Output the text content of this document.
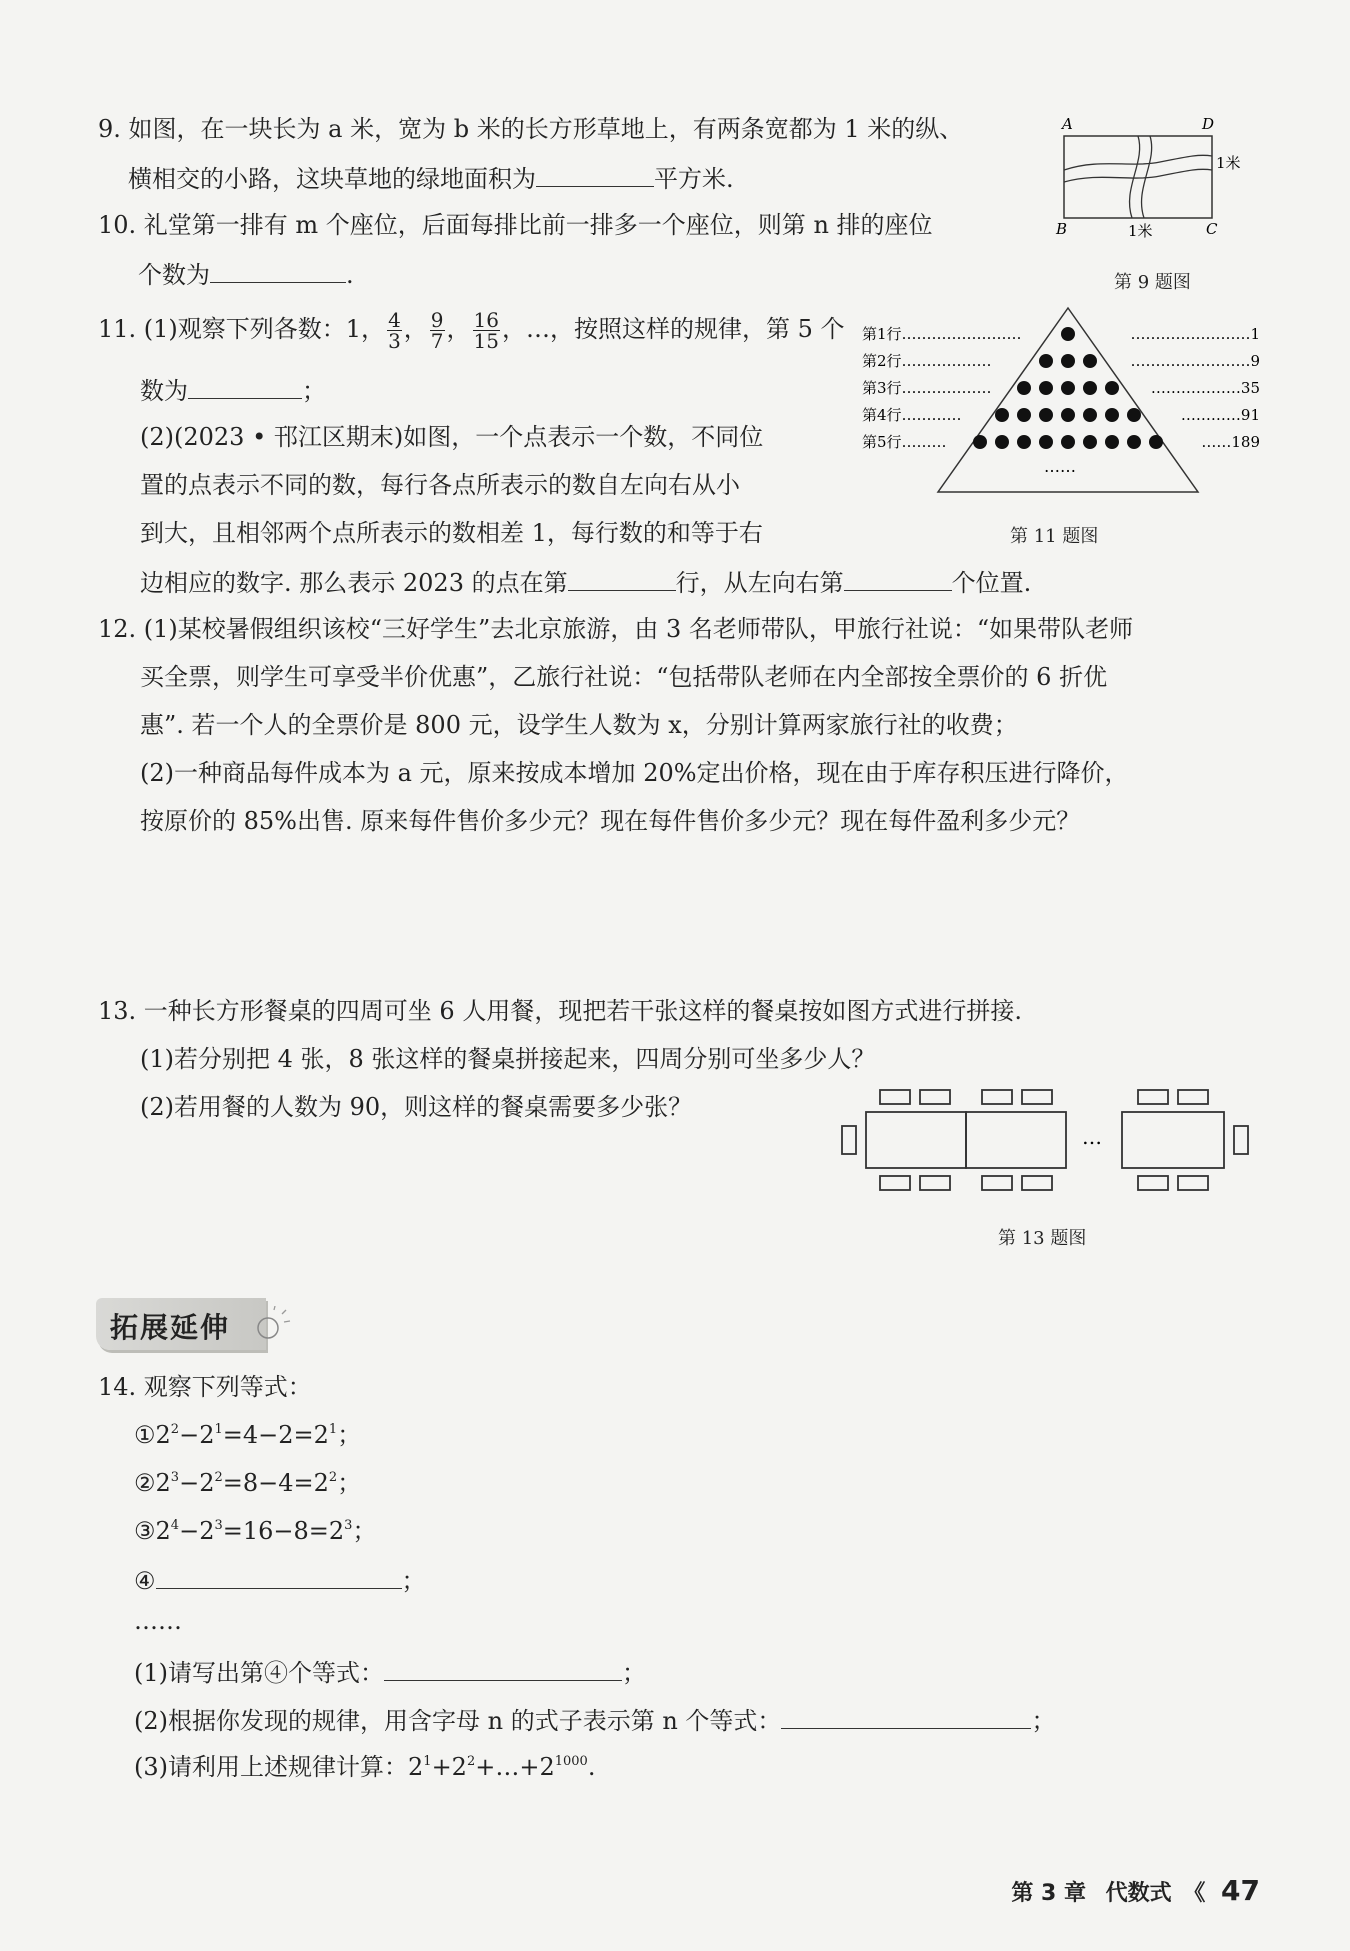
9. 如图，在一块长为 a 米，宽为 b 米的长方形草地上，有两条宽都为 1 米的纵、
横相交的小路，这块草地的绿地面积为	平方米.
A	D
B	C
1米
1米
第 9 题图
10. 礼堂第一排有 m 个座位，后面每排比前一排多一个座位，则第 n 排的座位
个数为	.
11. (1)观察下列各数：1， $\frac{4}{3}$ ， $\frac{9}{7}$ ， $\frac{16}{15}$ ，…，按照这样的规律，第 5 个
数为	；
(2)(2023 • 邗江区期末)如图，一个点表示一个数，不同位
置的点表示不同的数，每行各点所表示的数自左向右从小
到大，且相邻两个点所表示的数相差 1，每行数的和等于右
边相应的数字. 那么表示 2023 的点在第	行，从左向右第	个位置.
第1行……………………	……………………1
第2行………………	……………………9
第3行………………	………………35
第4行…………	…………91
第5行………	……189
……
第 11 题图
12. (1)某校暑假组织该校“三好学生”去北京旅游，由 3 名老师带队，甲旅行社说：“如果带队老师
买全票，则学生可享受半价优惠”，乙旅行社说：“包括带队老师在内全部按全票价的 6 折优
惠”. 若一个人的全票价是 800 元，设学生人数为 x，分别计算两家旅行社的收费；
(2)一种商品每件成本为 a 元，原来按成本增加 20%定出价格，现在由于库存积压进行降价，
按原价的 85%出售. 原来每件售价多少元？现在每件售价多少元？现在每件盈利多少元？
13. 一种长方形餐桌的四周可坐 6 人用餐，现把若干张这样的餐桌按如图方式进行拼接.
(1)若分别把 4 张，8 张这样的餐桌拼接起来，四周分别可坐多少人？
(2)若用餐的人数为 90，则这样的餐桌需要多少张？
…
第 13 题图
拓展延伸
14. 观察下列等式：
$①2^2-2^1=4-2=2^1$；
$②2^3-2^2=8-4=2^2$；
$③2^4-2^3=16-8=2^3$；
④	；
……
(1)请写出第④个等式：	；
(2)根据你发现的规律，用含字母 n 的式子表示第 n 个等式：	；
(3)请利用上述规律计算：$2^1+2^2+\dots+2^{1000}$.
第 3 章 代数式 《 47
